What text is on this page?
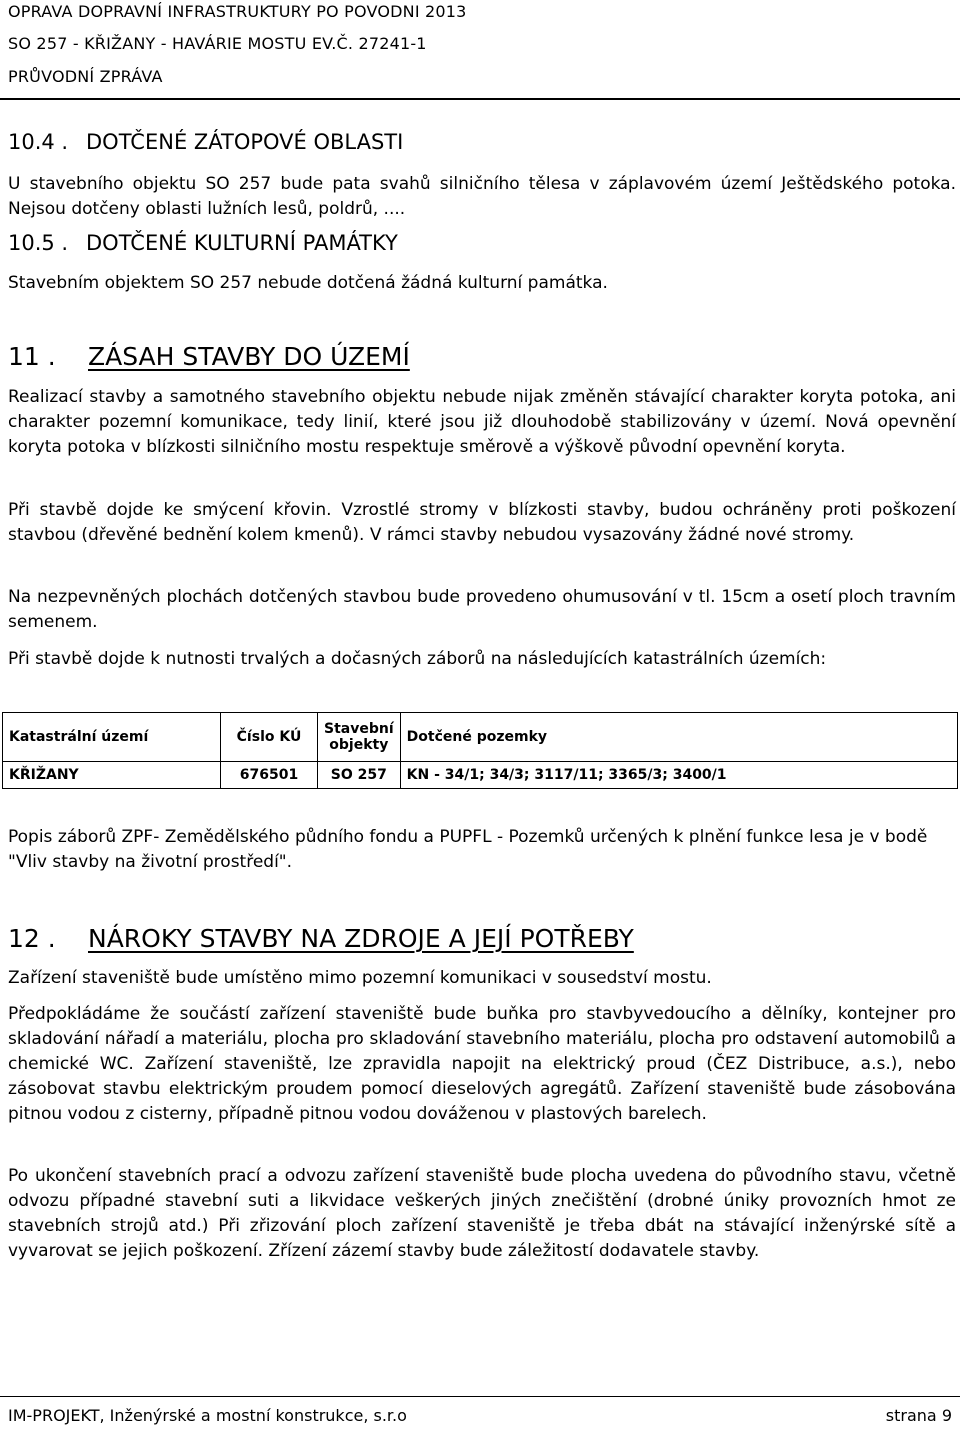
OPRAVA DOPRAVNÍ INFRASTRUKTURY PO POVODNI 2013
SO 257 - KŘIŽANY - HAVÁRIE MOSTU EV.Č. 27241-1
PRŮVODNÍ ZPRÁVA
10.4 . DOTČENÉ ZÁTOPOVÉ OBLASTI
U stavebního objektu SO 257 bude pata svahů silničního tělesa v záplavovém území Ještědského potoka. Nejsou dotčeny oblasti lužních lesů, poldrů, ....
10.5 . DOTČENÉ KULTURNÍ PAMÁTKY
Stavebním objektem SO 257 nebude dotčená žádná kulturní památka.
11 . ZÁSAH STAVBY DO ÚZEMÍ
Realizací stavby a samotného stavebního objektu nebude nijak změněn stávající charakter koryta potoka, ani charakter pozemní komunikace, tedy linií, které jsou již dlouhodobě stabilizovány v území. Nová opevnění koryta potoka v blízkosti silničního mostu respektuje směrově a výškově původní opevnění koryta.
Při stavbě dojde ke smýcení křovin. Vzrostlé stromy v blízkosti stavby, budou ochráněny proti poškození stavbou (dřevěné bednění kolem kmenů). V rámci stavby nebudou vysazovány žádné nové stromy.
Na nezpevněných plochách dotčených stavbou bude provedeno ohumusování v tl. 15cm a osetí ploch travním semenem.
Při stavbě dojde k nutnosti trvalých a dočasných záborů na následujících katastrálních územích:
Katastrální území	Číslo KÚ	Stavební objekty	Dotčené pozemky
KŘIŽANY	676501	SO 257	KN - 34/1; 34/3; 3117/11; 3365/3; 3400/1
Popis záborů ZPF- Zemědělského půdního fondu a PUPFL - Pozemků určených k plnění funkce lesa je v bodě "Vliv stavby na životní prostředí".
12 . NÁROKY STAVBY NA ZDROJE A JEJÍ POTŘEBY
Zařízení staveniště bude umístěno mimo pozemní komunikaci v sousedství mostu.
Předpokládáme že součástí zařízení staveniště bude buňka pro stavbyvedoucího a dělníky, kontejner pro skladování nářadí a materiálu, plocha pro skladování stavebního materiálu, plocha pro odstavení automobilů a chemické WC. Zařízení staveniště, lze zpravidla napojit na elektrický proud (ČEZ Distribuce, a.s.), nebo zásobovat stavbu elektrickým proudem pomocí dieselových agregátů. Zařízení staveniště bude zásobována pitnou vodou z cisterny, případně pitnou vodou dováženou v plastových barelech.
Po ukončení stavebních prací a odvozu zařízení staveniště bude plocha uvedena do původního stavu, včetně odvozu případné stavební suti a likvidace veškerých jiných znečištění (drobné úniky provozních hmot ze stavebních strojů atd.) Při zřizování ploch zařízení staveniště je třeba dbát na stávající inženýrské sítě a vyvarovat se jejich poškození. Zřízení zázemí stavby bude záležitostí dodavatele stavby.
IM-PROJEKT, Inženýrské a mostní konstrukce, s.r.o	strana 9
